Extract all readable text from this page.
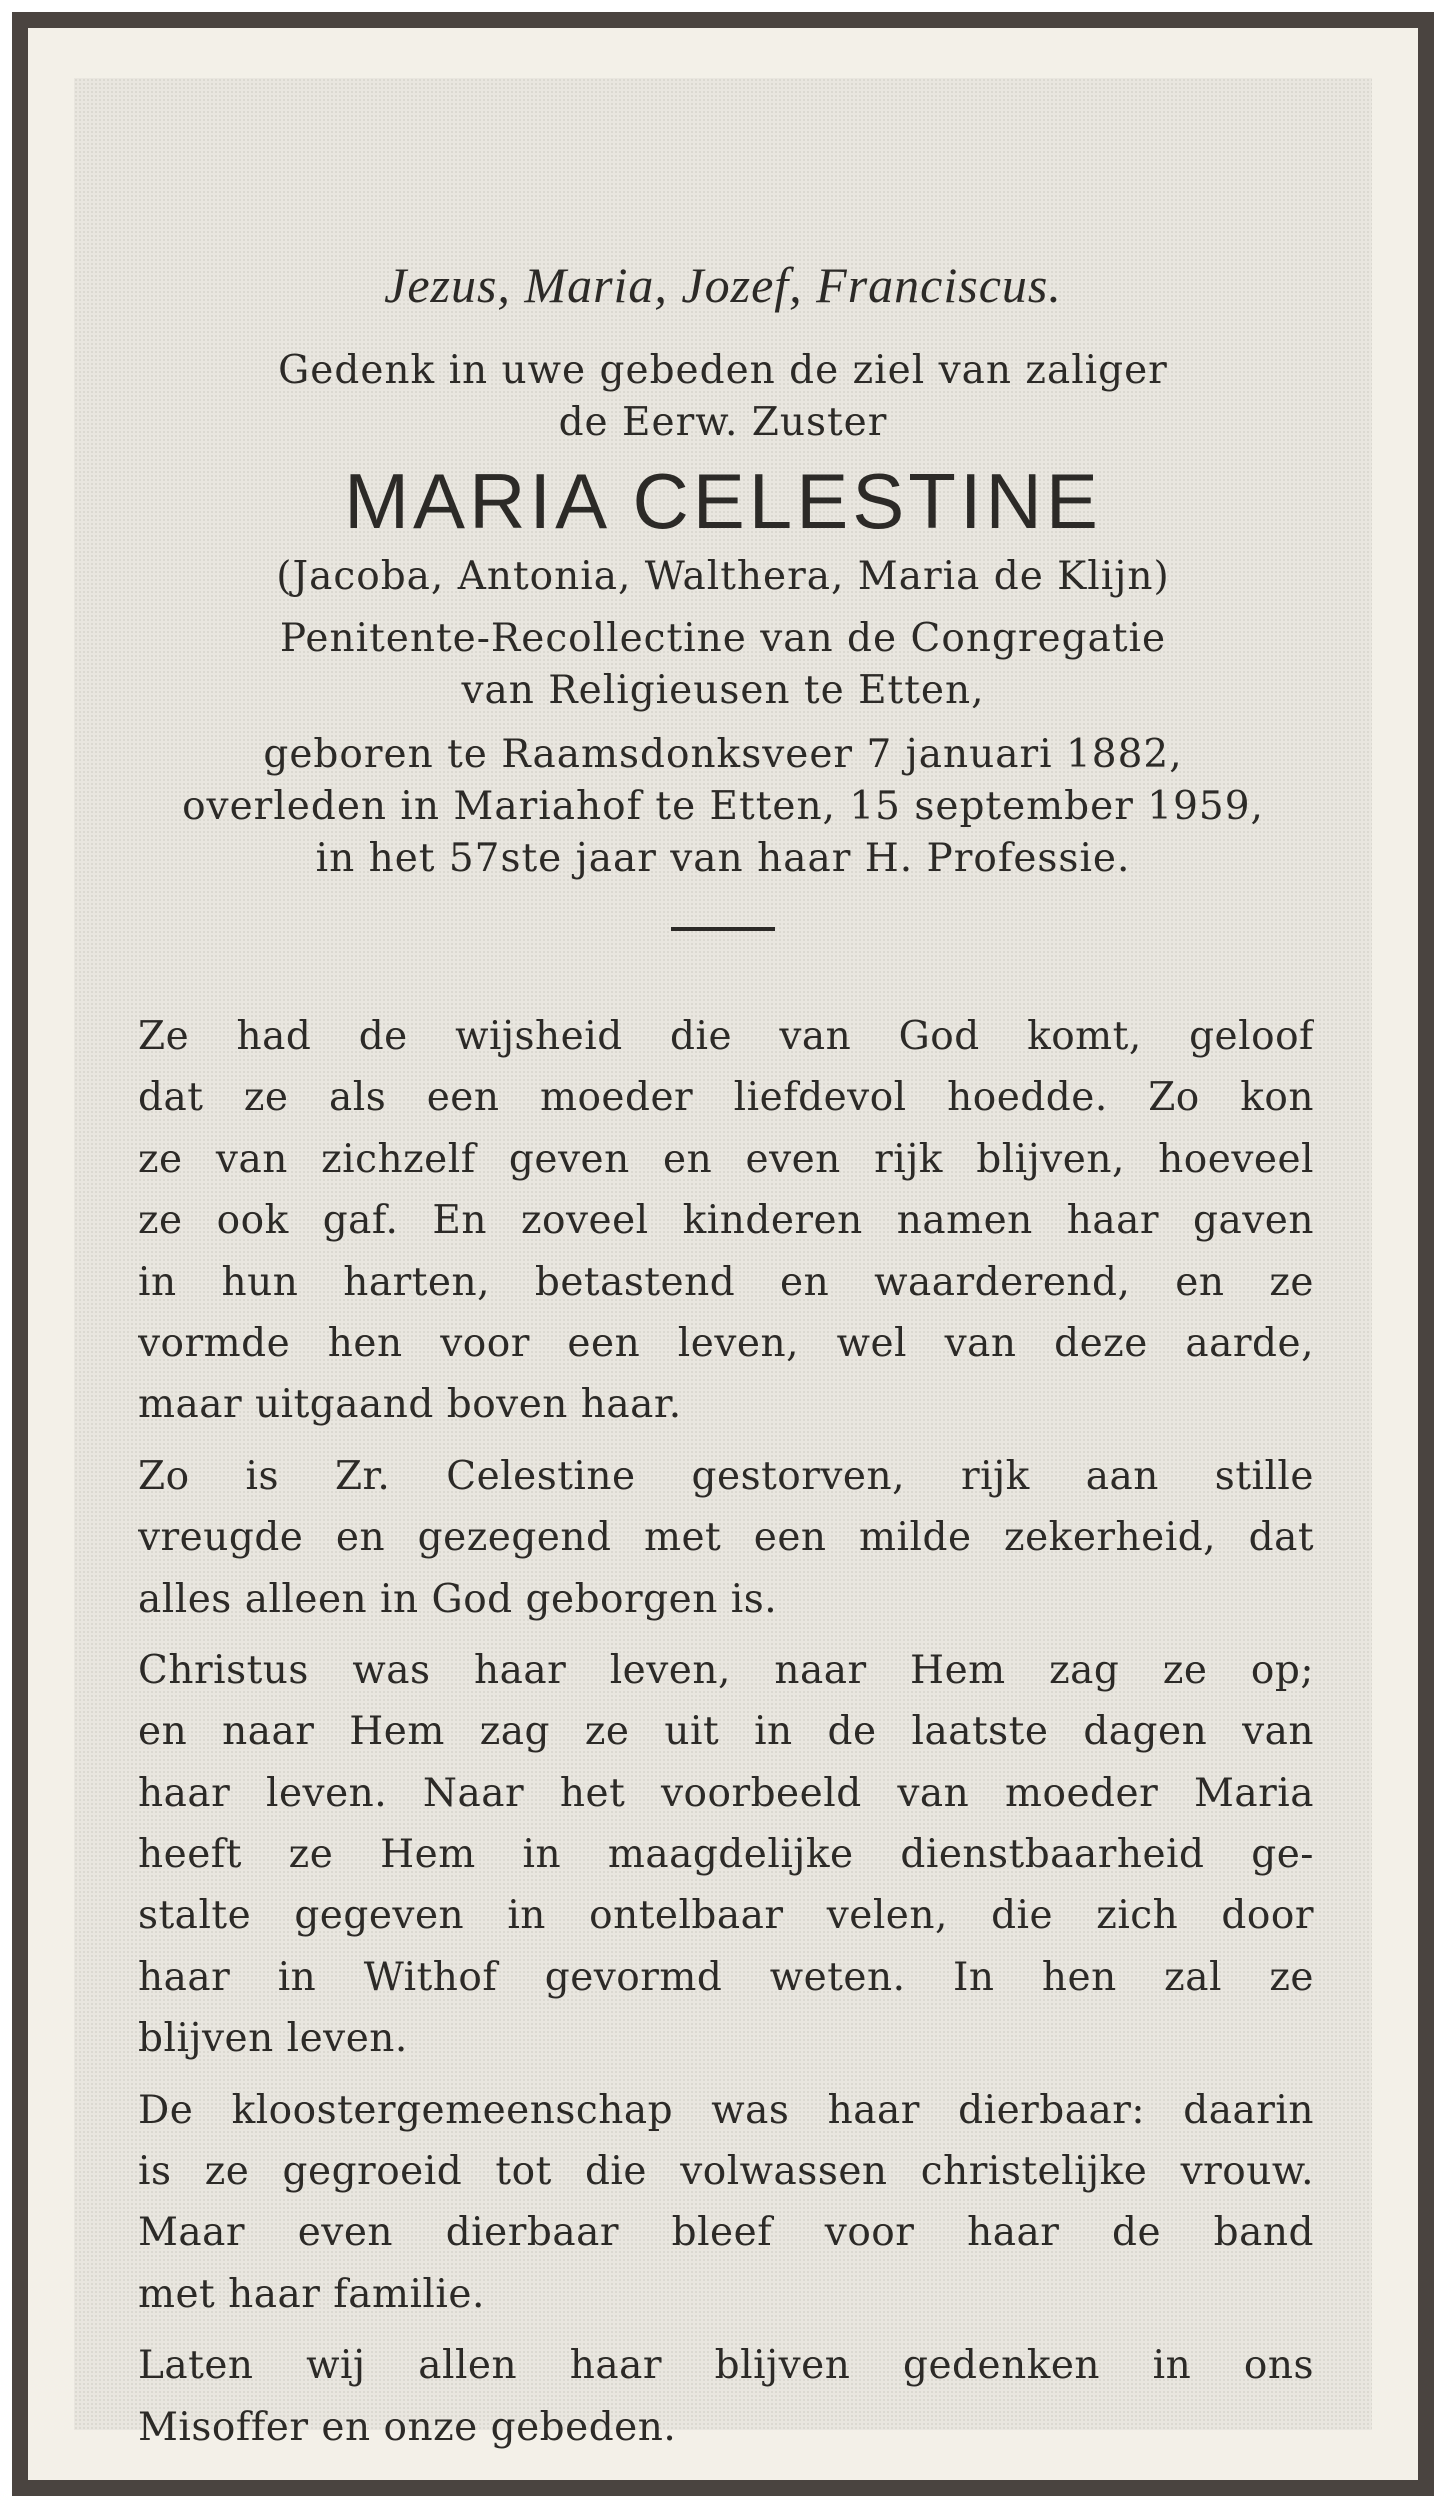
Jezus, Maria, Jozef, Franciscus.
Gedenk in uwe gebeden de ziel van zaliger
de Eerw. Zuster
MARIA CELESTINE
(Jacoba, Antonia, Walthera, Maria de Klijn)
Penitente-Recollectine van de Congregatie
van Religieusen te Etten,
geboren te Raamsdonksveer 7 januari 1882,
overleden in Mariahof te Etten, 15 september 1959,
in het 57ste jaar van haar H. Professie.

Ze had de wijsheid die van God komt, geloof
dat ze als een moeder liefdevol hoedde. Zo kon
ze van zichzelf geven en even rijk blijven, hoeveel
ze ook gaf. En zoveel kinderen namen haar gaven
in hun harten, betastend en waarderend, en ze
vormde hen voor een leven, wel van deze aarde,
maar uitgaand boven haar.

Zo is Zr. Celestine gestorven, rijk aan stille
vreugde en gezegend met een milde zekerheid, dat
alles alleen in God geborgen is.

Christus was haar leven, naar Hem zag ze op;
en naar Hem zag ze uit in de laatste dagen van
haar leven. Naar het voorbeeld van moeder Maria
heeft ze Hem in maagdelijke dienstbaarheid ge-
stalte gegeven in ontelbaar velen, die zich door
haar in Withof gevormd weten. In hen zal ze
blijven leven.

De kloostergemeenschap was haar dierbaar: daarin
is ze gegroeid tot die volwassen christelijke vrouw.
Maar even dierbaar bleef voor haar de band
met haar familie.

Laten wij allen haar blijven gedenken in ons
Misoffer en onze gebeden.
